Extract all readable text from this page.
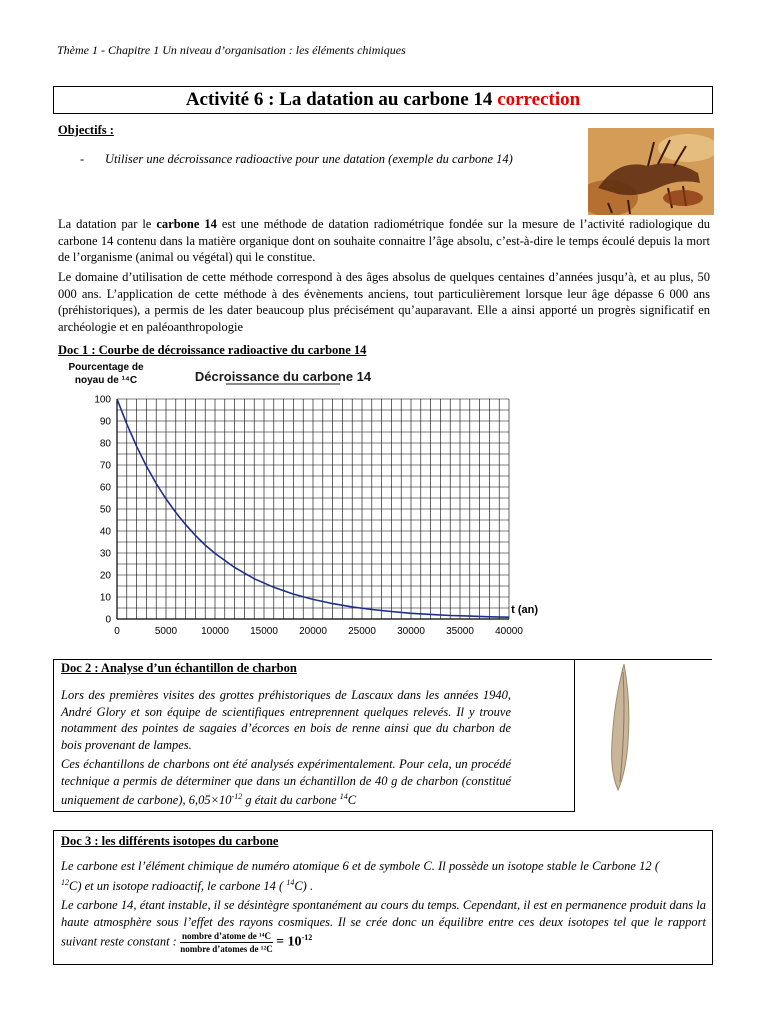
Thème 1 - Chapitre 1 Un niveau d’organisation : les éléments chimiques
Activité 6 : La datation au carbone 14 correction
Objectifs :
- Utiliser une décroissance radioactive pour une datation (exemple du carbone 14)
La datation par le carbone 14 est une méthode de datation radiométrique fondée sur la mesure de l’activité radiologique du carbone 14 contenu dans la matière organique dont on souhaite connaitre l’âge absolu, c’est-à-dire le temps écoulé depuis la mort de l’organisme (animal ou végétal) qui le constitue.
Le domaine d’utilisation de cette méthode correspond à des âges absolus de quelques centaines d’années jusqu’à, et au plus, 50 000 ans. L’application de cette méthode à des évènements anciens, tout particulièrement lorsque leur âge dépasse 6 000 ans (préhistoriques), a permis de les dater beaucoup plus précisément qu’auparavant. Elle a ainsi apporté un progrès significatif en archéologie et en paléoanthropologie
Doc 1 : Courbe de décroissance radioactive du carbone 14
0
10
20
30
40
50
60
70
80
90
100
0	5000 10000 15000 20000 25000 30000 35000 40000
Décroissance du carbone 14
Pourcentage de
noyau de ¹⁴C
t (an)
Doc 2 : Analyse d’un échantillon de charbon
Lors des premières visites des grottes préhistoriques de Lascaux dans les années 1940, André Glory et son équipe de scientifiques entreprennent quelques relevés. Il y trouve notamment des pointes de sagaies d’écorces en bois de renne ainsi que du charbon de bois provenant de lampes.
Ces échantillons de charbons ont été analysés expérimentalement. Pour cela, un procédé technique a permis de déterminer que dans un échantillon de 40 g de charbon (constitué uniquement de carbone), $6,05\times 10^{-12}$ g était du carbone $^{14}$C
Doc 3 : les différents isotopes du carbone
Le carbone est l’élément chimique de numéro atomique 6 et de symbole C. Il possède un isotope stable le Carbone 12 ( $^{12}$C) et un isotope radioactif, le carbone 14 ( $^{14}$C) .
Le carbone 14, étant instable, il se désintègre spontanément au cours du temps. Cependant, il est en permanence produit dans la haute atmosphère sous l’effet des rayons cosmiques. Il se crée donc un équilibre entre ces deux isotopes tel que le rapport suivant reste constant : $\frac{\text{nombre d’atome de ¹⁴C}}{\text{nombre d’atomes de ¹²C}} = 10^{-12}$
